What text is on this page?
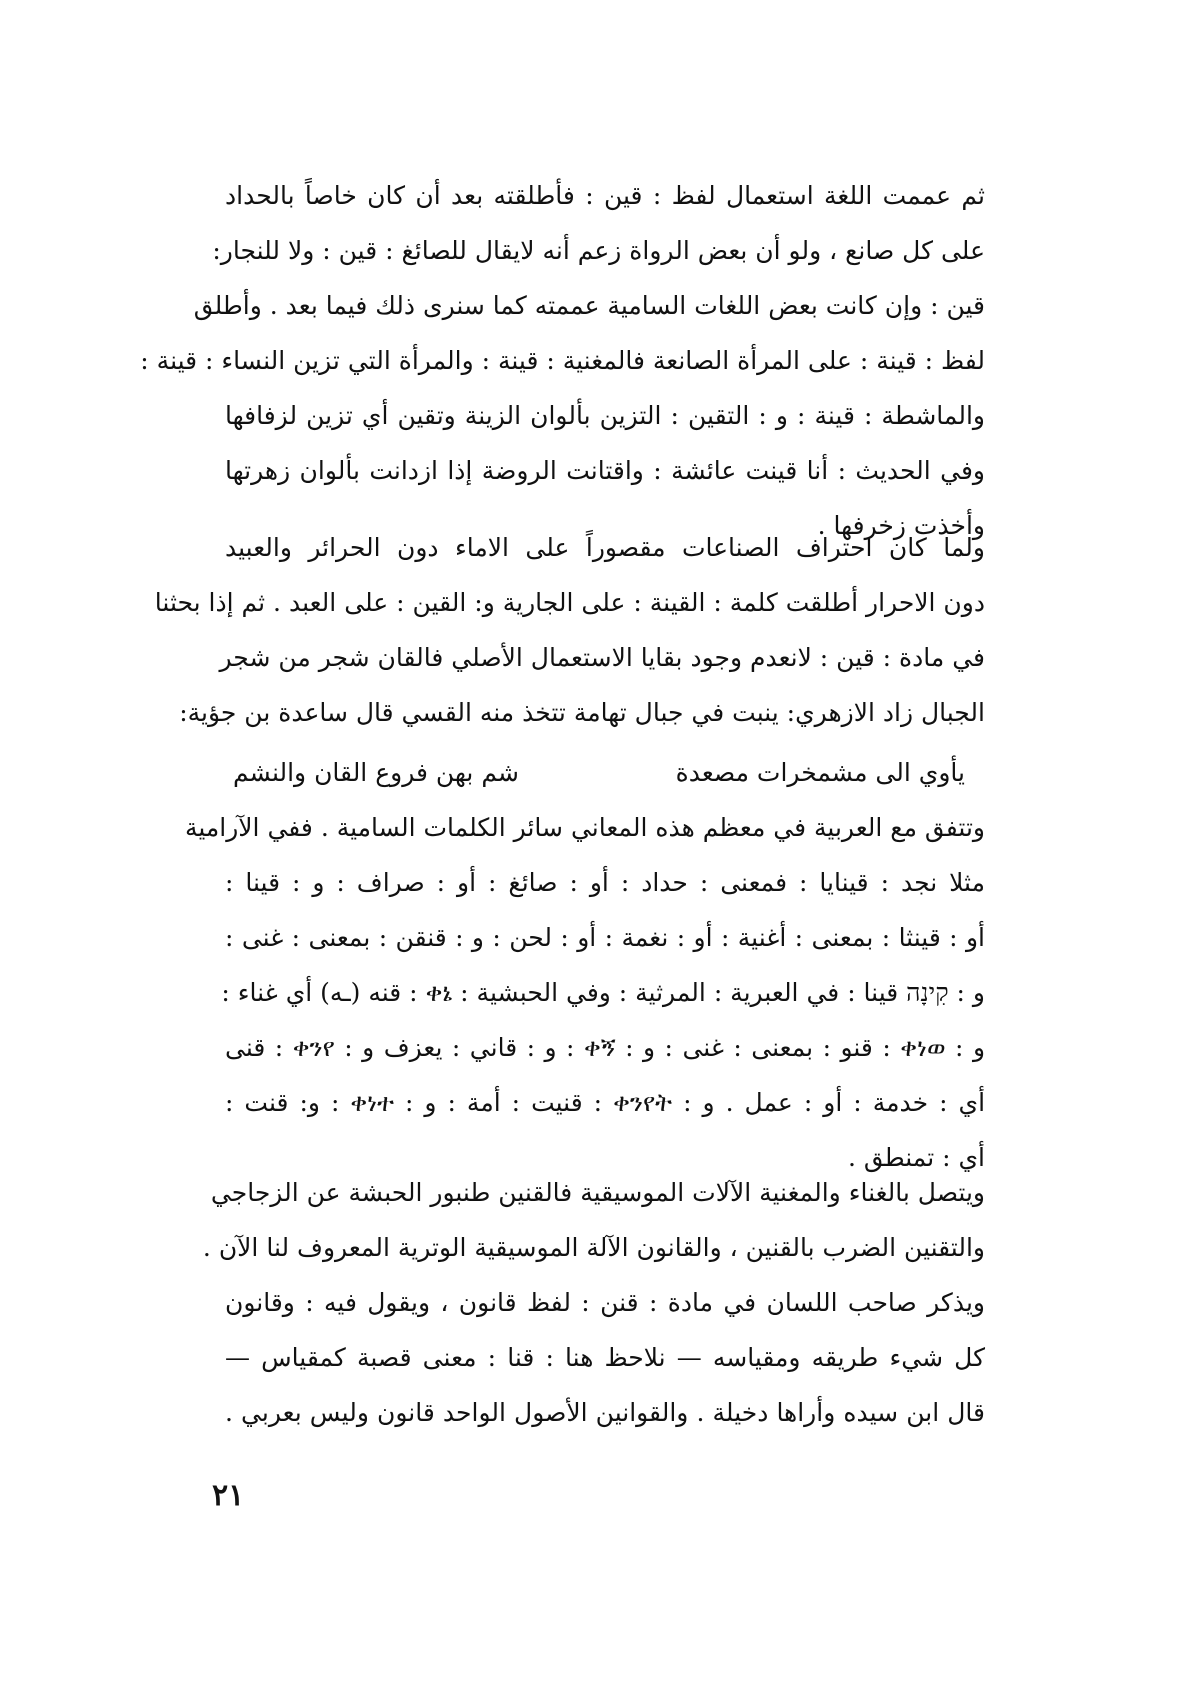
ثم عممت اللغة استعمال لفظ : قين : فأطلقته بعد أن كان خاصاً بالحداد
على كل صانع ، ولو أن بعض الرواة زعم أنه لايقال للصائغ : قين : ولا للنجار:
قين : وإن كانت بعض اللغات السامية عممته كما سنرى ذلك فيما بعد . وأطلق
لفظ : قينة : على المرأة الصانعة فالمغنية : قينة : والمرأة التي تزين النساء : قينة :
والماشطة : قينة : و : التقين : التزين بألوان الزينة وتقين أي تزين لزفافها
وفي الحديث : أنا قينت عائشة : واقتانت الروضة إذا ازدانت بألوان زهرتها
وأخذت زخرفها .
ولما كان احتراف الصناعات مقصوراً على الاماء دون الحرائر والعبيد
دون الاحرار أطلقت كلمة : القينة : على الجارية و: القين : على العبد . ثم إذا بحثنا
في مادة : قين : لانعدم وجود بقايا الاستعمال الأصلي فالقان شجر من شجر
الجبال زاد الازهري: ينبت في جبال تهامة تتخذ منه القسي قال ساعدة بن جؤية:
يأوي الى مشمخرات مصعدة
شم بهن فروع القان والنشم
وتتفق مع العربية في معظم هذه المعاني سائر الكلمات السامية . ففي الآرامية
مثلا نجد : قينايا : فمعنى : حداد : أو : صائغ : أو : صراف : و : قينا :
أو : قينثا : بمعنى : أغنية : أو : نغمة : أو : لحن : و : قنقن : بمعنى : غنى :
و : קִינָה قينا : في العبرية : المرثية : وفي الحبشية : ቀኔ : قنه (ـه) أي غناء :
و : ቀነወ : قنو : بمعنى : غنى : و : ቀኝ : و : قاني : يعزف و : ቀንየ : قنى
أي : خدمة : أو : عمل . و : ቀንየት : قنيت : أمة : و : ቀነተ : و: قنت :
أي : تمنطق .
ويتصل بالغناء والمغنية الآلات الموسيقية فالقنين طنبور الحبشة عن الزجاجي
والتقنين الضرب بالقنين ، والقانون الآلة الموسيقية الوترية المعروف لنا الآن .
ويذكر صاحب اللسان في مادة : قنن : لفظ قانون ، ويقول فيه : وقانون
كل شيء طريقه ومقياسه — نلاحظ هنا : قنا : معنى قصبة كمقياس —
قال ابن سيده وأراها دخيلة . والقوانين الأصول الواحد قانون وليس بعربي .
٢١
